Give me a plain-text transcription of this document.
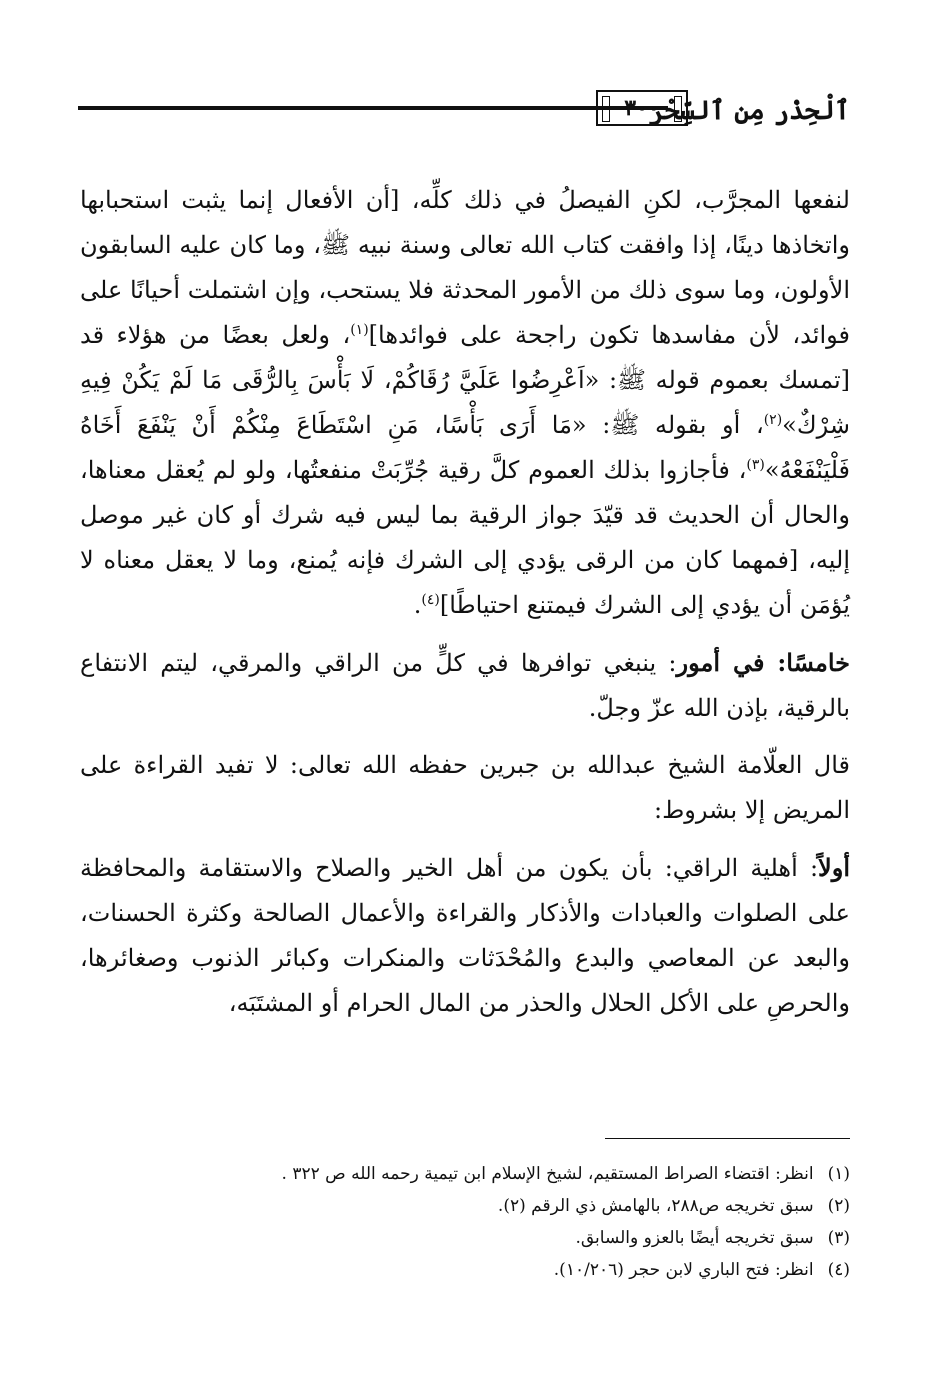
ٱلْحِذْر مِن ٱلسِّحْر
٣٠٠

لنفعها المجرَّب، لكنِ الفيصلُ في ذلك كلِّه، [أن الأفعال إنما يثبت استحبابها واتخاذها دينًا، إذا وافقت كتاب الله تعالى وسنة نبيه ﷺ، وما كان عليه السابقون الأولون، وما سوى ذلك من الأمور المحدثة فلا يستحب، وإن اشتملت أحيانًا على فوائد، لأن مفاسدها تكون راجحة على فوائدها]$^{(١)}$، ولعل بعضًا من هؤلاء قد [تمسك بعموم قوله ﷺ: «اَعْرِضُوا عَلَيَّ رُقَاكُمْ، لَا بَأْسَ بِالرُّقَى مَا لَمْ يَكُنْ فِيهِ شِرْكٌ»$^{(٢)}$، أو بقوله ﷺ: «مَا أَرَى بَأْسًا، مَنِ اسْتَطَاعَ مِنْكُمْ أَنْ يَنْفَعَ أَخَاهُ فَلْيَنْفَعْهُ»$^{(٣)}$، فأجازوا بذلك العموم كلَّ رقية جُرِّبَتْ منفعتُها، ولو لم يُعقل معناها، والحال أن الحديث قد قيّدَ جواز الرقية بما ليس فيه شرك أو كان غير موصل إليه، [فمهما كان من الرقى يؤدي إلى الشرك فإنه يُمنع، وما لا يعقل معناه لا يُؤمَن أن يؤدي إلى الشرك فيمتنع احتياطًا]$^{(٤)}$.

خامسًا: في أمور: ينبغي توافرها في كلٍّ من الراقي والمرقي، ليتم الانتفاع بالرقية، بإذن الله عزّ وجلّ.

قال العلّامة الشيخ عبدالله بن جبرين حفظه الله تعالى: لا تفيد القراءة على المريض إلا بشروط:

أولاً: أهلية الراقي: بأن يكون من أهل الخير والصلاح والاستقامة والمحافظة على الصلوات والعبادات والأذكار والقراءة والأعمال الصالحة وكثرة الحسنات، والبعد عن المعاصي والبدع والمُحْدَثات والمنكرات وكبائر الذنوب وصغائرها، والحرصِ على الأكل الحلال والحذر من المال الحرام أو المشتَبَه،

(١)
انظر: اقتضاء الصراط المستقيم، لشيخ الإسلام ابن تيمية رحمه الله ص ٣٢٢ .
(٢)
سبق تخريجه ص٢٨٨، بالهامش ذي الرقم (٢).
(٣)
سبق تخريجه أيضًا بالعزو والسابق.
(٤)
انظر: فتح الباري لابن حجر (١٠/٢٠٦).
